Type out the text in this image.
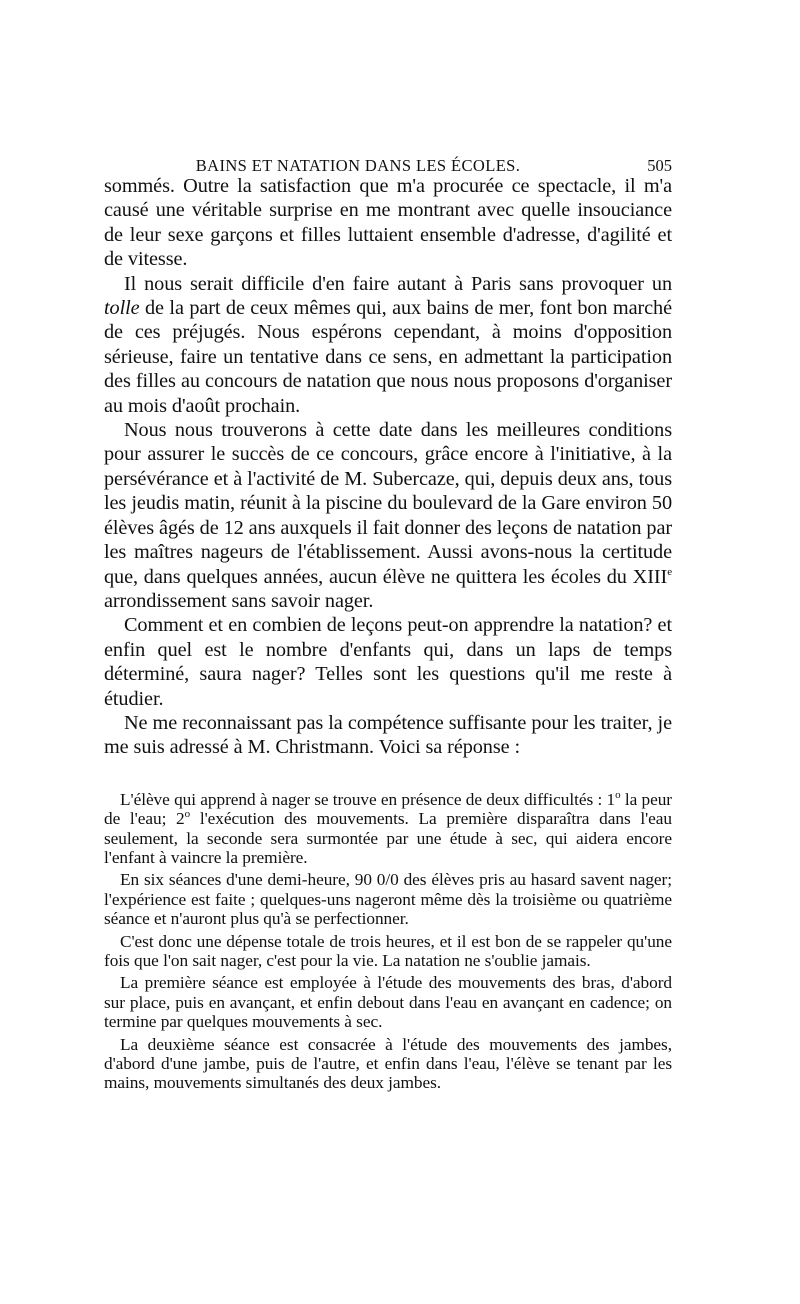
BAINS ET NATATION DANS LES ÉCOLES.	505

sommés. Outre la satisfaction que m'a procurée ce spectacle, il m'a causé une véritable surprise en me montrant avec quelle insouciance de leur sexe garçons et filles luttaient ensemble d'adresse, d'agilité et de vitesse.

Il nous serait difficile d'en faire autant à Paris sans provoquer un tolle de la part de ceux mêmes qui, aux bains de mer, font bon marché de ces préjugés. Nous espérons cependant, à moins d'opposition sérieuse, faire un tentative dans ce sens, en admettant la participation des filles au concours de natation que nous nous proposons d'organiser au mois d'août prochain.

Nous nous trouverons à cette date dans les meilleures conditions pour assurer le succès de ce concours, grâce encore à l'initiative, à la persévérance et à l'activité de M. Subercaze, qui, depuis deux ans, tous les jeudis matin, réunit à la piscine du boulevard de la Gare environ 50 élèves âgés de 12 ans auxquels il fait donner des leçons de natation par les maîtres nageurs de l'établissement. Aussi avons-nous la certitude que, dans quelques années, aucun élève ne quittera les écoles du XIIIe arrondissement sans savoir nager.

Comment et en combien de leçons peut-on apprendre la natation? et enfin quel est le nombre d'enfants qui, dans un laps de temps déterminé, saura nager? Telles sont les questions qu'il me reste à étudier.

Ne me reconnaissant pas la compétence suffisante pour les traiter, je me suis adressé à M. Christmann. Voici sa réponse :

L'élève qui apprend à nager se trouve en présence de deux difficultés : 1$^o$ la peur de l'eau; 2$^o$ l'exécution des mouvements. La première disparaîtra dans l'eau seulement, la seconde sera surmontée par une étude à sec, qui aidera encore l'enfant à vaincre la première.

En six séances d'une demi-heure, 90 0/0 des élèves pris au hasard savent nager; l'expérience est faite ; quelques-uns nageront même dès la troisième ou quatrième séance et n'auront plus qu'à se perfectionner.

C'est donc une dépense totale de trois heures, et il est bon de se rappeler qu'une fois que l'on sait nager, c'est pour la vie. La natation ne s'oublie jamais.

La première séance est employée à l'étude des mouvements des bras, d'abord sur place, puis en avançant, et enfin debout dans l'eau en avançant en cadence; on termine par quelques mouvements à sec.

La deuxième séance est consacrée à l'étude des mouvements des jambes, d'abord d'une jambe, puis de l'autre, et enfin dans l'eau, l'élève se tenant par les mains, mouvements simultanés des deux jambes.
